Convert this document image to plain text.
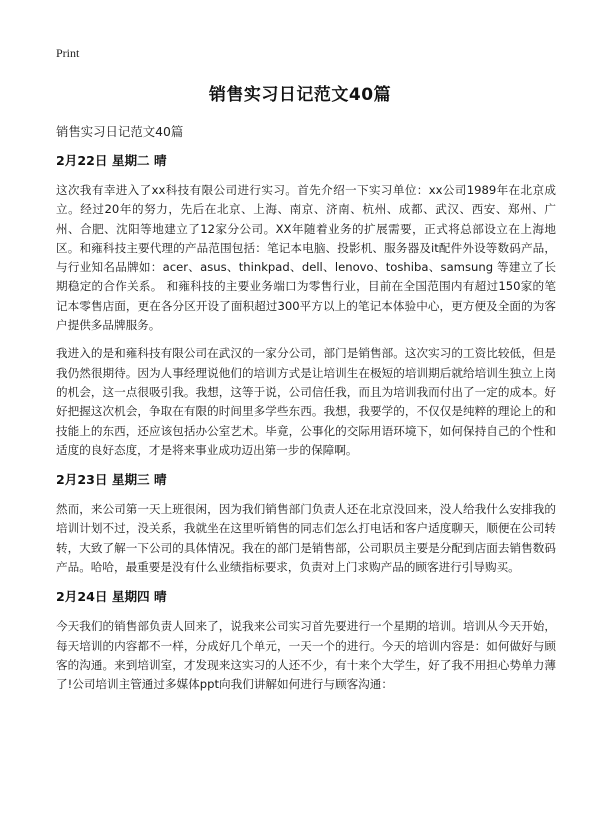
Print
销售实习日记范文40篇
销售实习日记范文40篇
2月22日 星期二 晴

这次我有幸进入了xx科技有限公司进行实习。首先介绍一下实习单位：xx公司1989年在北京成立。经过20年的努力，先后在北京、上海、南京、济南、杭州、成都、武汉、西安、郑州、广州、合肥、沈阳等地建立了12家分公司。XX年随着业务的扩展需要，正式将总部设立在上海地区。和雍科技主要代理的产品范围包括：笔记本电脑、投影机、服务器及it配件外设等数码产品，与行业知名品牌如：acer、asus、thinkpad、dell、lenovo、toshiba、samsung 等建立了长期稳定的合作关系。 和雍科技的主要业务端口为零售行业，目前在全国范围内有超过150家的笔记本零售店面，更在各分区开设了面积超过300平方以上的笔记本体验中心，更方便及全面的为客户提供多品牌服务。

我进入的是和雍科技有限公司在武汉的一家分公司，部门是销售部。这次实习的工资比较低，但是我仍然很期待。因为人事经理说他们的培训方式是让培训生在极短的培训期后就给培训生独立上岗的机会，这一点很吸引我。我想，这等于说，公司信任我，而且为培训我而付出了一定的成本。好好把握这次机会，争取在有限的时间里多学些东西。我想，我要学的，不仅仅是纯粹的理论上的和技能上的东西，还应该包括办公室艺术。毕竟，公事化的交际用语环境下，如何保持自己的个性和适度的良好态度，才是将来事业成功迈出第一步的保障啊。

2月23日 星期三 晴

然而，来公司第一天上班很闲，因为我们销售部门负责人还在北京没回来，没人给我什么安排我的培训计划不过，没关系，我就坐在这里听销售的同志们怎么打电话和客户适度聊天，顺便在公司转转，大致了解一下公司的具体情况。我在的部门是销售部，公司职员主要是分配到店面去销售数码产品。哈哈，最重要是没有什么业绩指标要求，负责对上门求购产品的顾客进行引导购买。

2月24日 星期四 晴

今天我们的销售部负责人回来了，说我来公司实习首先要进行一个星期的培训。培训从今天开始，每天培训的内容都不一样，分成好几个单元，一天一个的进行。今天的培训内容是：如何做好与顾客的沟通。来到培训室，才发现来这实习的人还不少，有十来个大学生，好了我不用担心势单力薄了!公司培训主管通过多媒体ppt向我们讲解如何进行与顾客沟通：
